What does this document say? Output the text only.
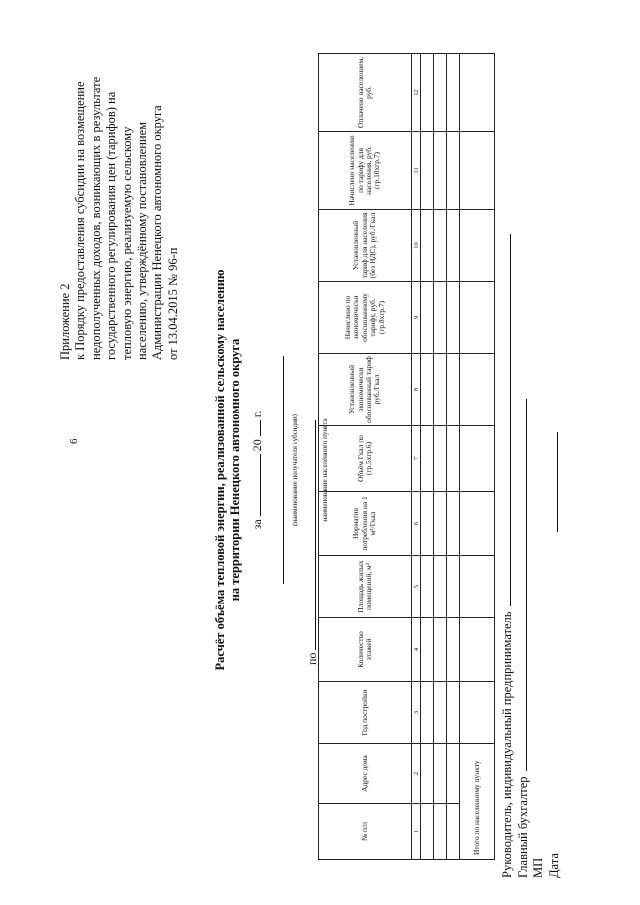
6
Приложение 2 к Порядку предоставления субсидии на возмещение недополученных доходов, возникающих в результате государственного регулирования цен (тарифов) на тепловую энергию, реализуемую сельскому населению, утверждённому постановлением Администрации Ненецкого автономного округа от 13.04.2015 № 96-п	Расчёт объёма тепловой энергии, реализованной сельскому населению на территории Ненецкого автономного округа за  20  г.
(наименование получателя субсидии)
по
наименование населённого пункта
№ п/п	Адрес дома	Год постройки	Количество этажей	Площадь жилых помещений, м²	Норматив потребления на 1 м²/Гкал	Объём Гкал по (гр.5хгр.6)	Установленный экономически обоснованный тариф руб./Гкал	Начислено по экономически обоснованному тарифу, руб. (гр.8хгр.7)	Установленный тариф для населения (без НДС), руб./Гкал	Начислено населению по тарифу для населения, руб. (гр.10хгр.7)	Оплачено населением, руб.
1	2	3	4	5	6	7	8	9	10	11	12

Итого по населенному пункту											Руководитель, индивидуальный предприниматель Главный бухгалтер МП Дата
